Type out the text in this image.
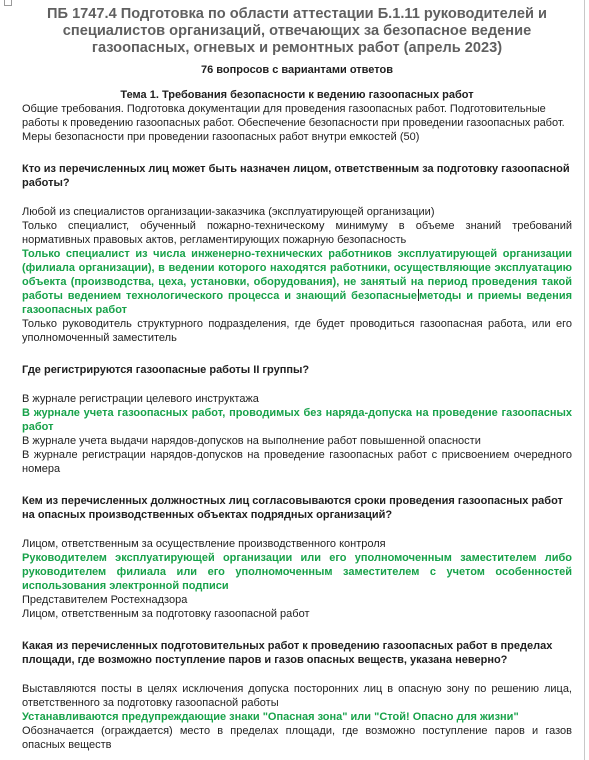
ПБ 1747.4 Подготовка по области аттестации Б.1.11 руководителей и специалистов организаций, отвечающих за безопасное ведение газоопасных, огневых и ремонтных работ (апрель 2023)

76 вопросов с вариантами ответов

Тема 1. Требования безопасности к ведению газоопасных работ

Общие требования. Подготовка документации для проведения газоопасных работ. Подготовительные работы к проведению газоопасных работ. Обеспечение безопасности при проведении газоопасных работ. Меры безопасности при проведении газоопасных работ внутри емкостей (50)

Кто из перечисленных лиц может быть назначен лицом, ответственным за подготовку газоопасной работы?

Любой из специалистов организации-заказчика (эксплуатирующей организации)

Только специалист, обученный пожарно-техническому минимуму в объеме знаний требований нормативных правовых актов, регламентирующих пожарную безопасность

Только специалист из числа инженерно-технических работников эксплуатирующей организации (филиала организации), в ведении которого находятся работники, осуществляющие эксплуатацию объекта (производства, цеха, установки, оборудования), не занятый на период проведения такой работы ведением технологического процесса и знающий безопасные методы и приемы ведения газоопасных работ

Только руководитель структурного подразделения, где будет проводиться газоопасная работа, или его уполномоченный заместитель

Где регистрируются газоопасные работы II группы?

В журнале регистрации целевого инструктажа

В журнале учета газоопасных работ, проводимых без наряда-допуска на проведение газоопасных работ

В журнале учета выдачи нарядов-допусков на выполнение работ повышенной опасности

В журнале регистрации нарядов-допусков на проведение газоопасных работ с присвоением очередного номера

Кем из перечисленных должностных лиц согласовываются сроки проведения газоопасных работ на опасных производственных объектах подрядных организаций?

Лицом, ответственным за осуществление производственного контроля

Руководителем эксплуатирующей организации или его уполномоченным заместителем либо руководителем филиала или его уполномоченным заместителем с учетом особенностей использования электронной подписи

Представителем Ростехнадзора

Лицом, ответственным за подготовку газоопасной работ

Какая из перечисленных подготовительных работ к проведению газоопасных работ в пределах площади, где возможно поступление паров и газов опасных веществ, указана неверно?

Выставляются посты в целях исключения допуска посторонних лиц в опасную зону по решению лица, ответственного за подготовку газоопасной работы

Устанавливаются предупреждающие знаки "Опасная зона" или "Стой! Опасно для жизни"

Обозначается (ограждается) место в пределах площади, где возможно поступление паров и газов опасных веществ
